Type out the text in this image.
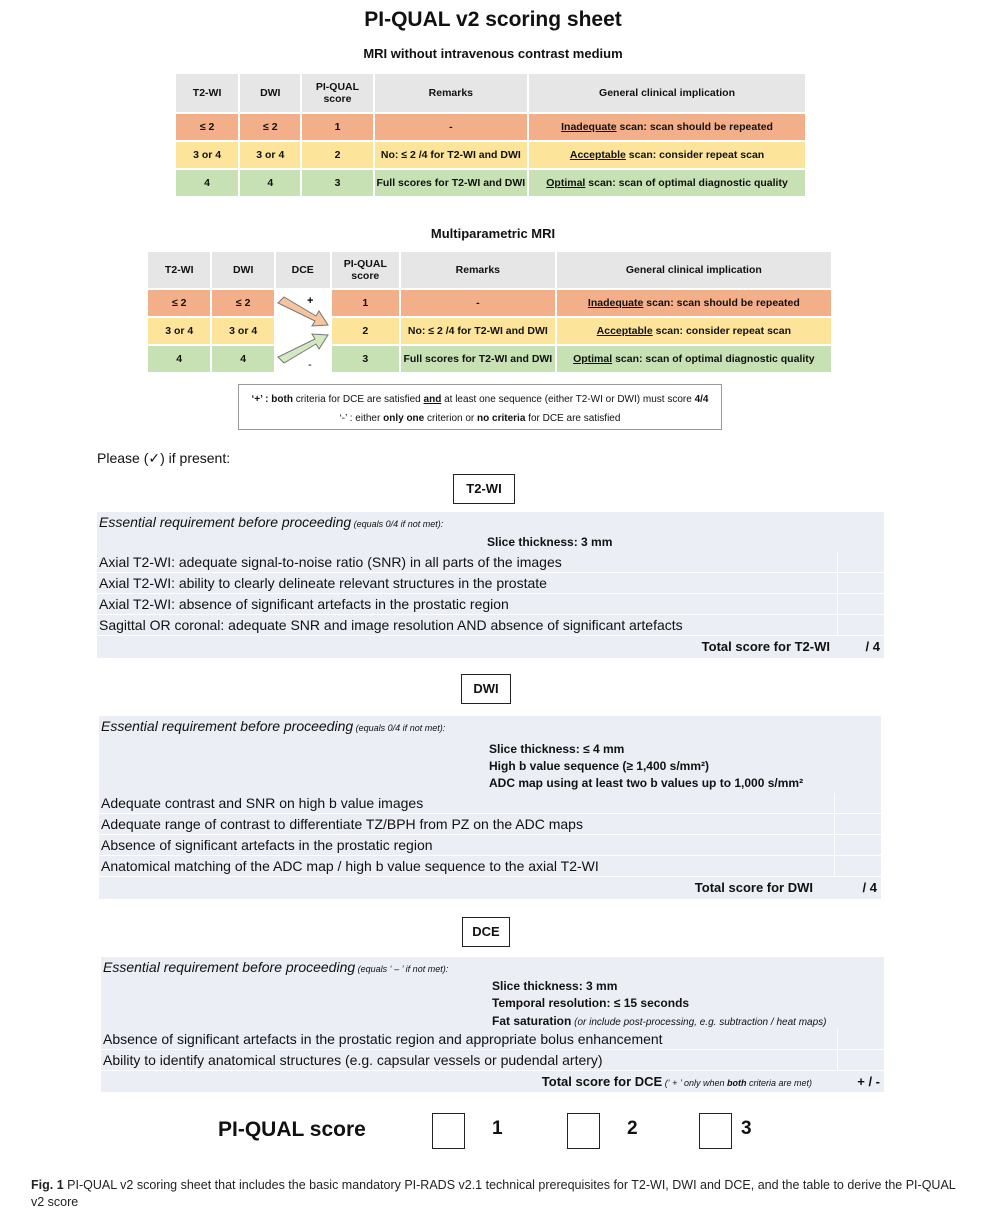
PI-QUAL v2 scoring sheet
MRI without intravenous contrast medium
T2-WI	DWI	PI-QUAL score	Remarks	General clinical implication
≤ 2	≤ 2	1	-	Inadequate scan: scan should be repeated
3 or 4	3 or 4	2	No: ≤ 2 /4 for T2-WI and DWI	Acceptable scan: consider repeat scan
4	4	3	Full scores for T2-WI and DWI	Optimal scan: scan of optimal diagnostic quality
Multiparametric MRI
T2-WI	DWI	DCE	PI-QUAL score	Remarks	General clinical implication
≤ 2	≤ 2		1	-	Inadequate scan: scan should be repeated
3 or 4	3 or 4		2	No: ≤ 2 /4 for T2-WI and DWI	Acceptable scan: consider repeat scan
4	4		3	Full scores for T2-WI and DWI	Optimal scan: scan of optimal diagnostic quality
+
-
‘+’ : both criteria for DCE are satisfied and at least one sequence (either T2-WI or DWI) must score 4/4
‘-’ : either only one criterion or no criteria for DCE are satisfied
Please (✓) if present:
T2-WI
Essential requirement before proceeding (equals 0/4 if not met):
Slice thickness: 3 mm
Axial T2-WI: adequate signal-to-noise ratio (SNR) in all parts of the images
Axial T2-WI: ability to clearly delineate relevant structures in the prostate
Axial T2-WI: absence of significant artefacts in the prostatic region
Sagittal OR coronal: adequate SNR and image resolution AND absence of significant artefacts
Total score for T2-WI	/ 4
DWI
Essential requirement before proceeding (equals 0/4 if not met):
Slice thickness: ≤ 4 mm
High b value sequence (≥ 1,400 s/mm²)
ADC map using at least two b values up to 1,000 s/mm²
Adequate contrast and SNR on high b value images
Adequate range of contrast to differentiate TZ/BPH from PZ on the ADC maps
Absence of significant artefacts in the prostatic region
Anatomical matching of the ADC map / high b value sequence to the axial T2-WI
Total score for DWI	/ 4
DCE
Essential requirement before proceeding (equals ‘ – ’ if not met):
Slice thickness: 3 mm
Temporal resolution: ≤ 15 seconds
Fat saturation (or include post-processing, e.g. subtraction / heat maps)
Absence of significant artefacts in the prostatic region and appropriate bolus enhancement
Ability to identify anatomical structures (e.g. capsular vessels or pudendal artery)
Total score for DCE (‘ + ’ only when both criteria are met)	+ / -
PI-QUAL score	1	2	3
Fig. 1 PI-QUAL v2 scoring sheet that includes the basic mandatory PI-RADS v2.1 technical prerequisites for T2-WI, DWI and DCE, and the table to derive the PI-QUAL v2 score
